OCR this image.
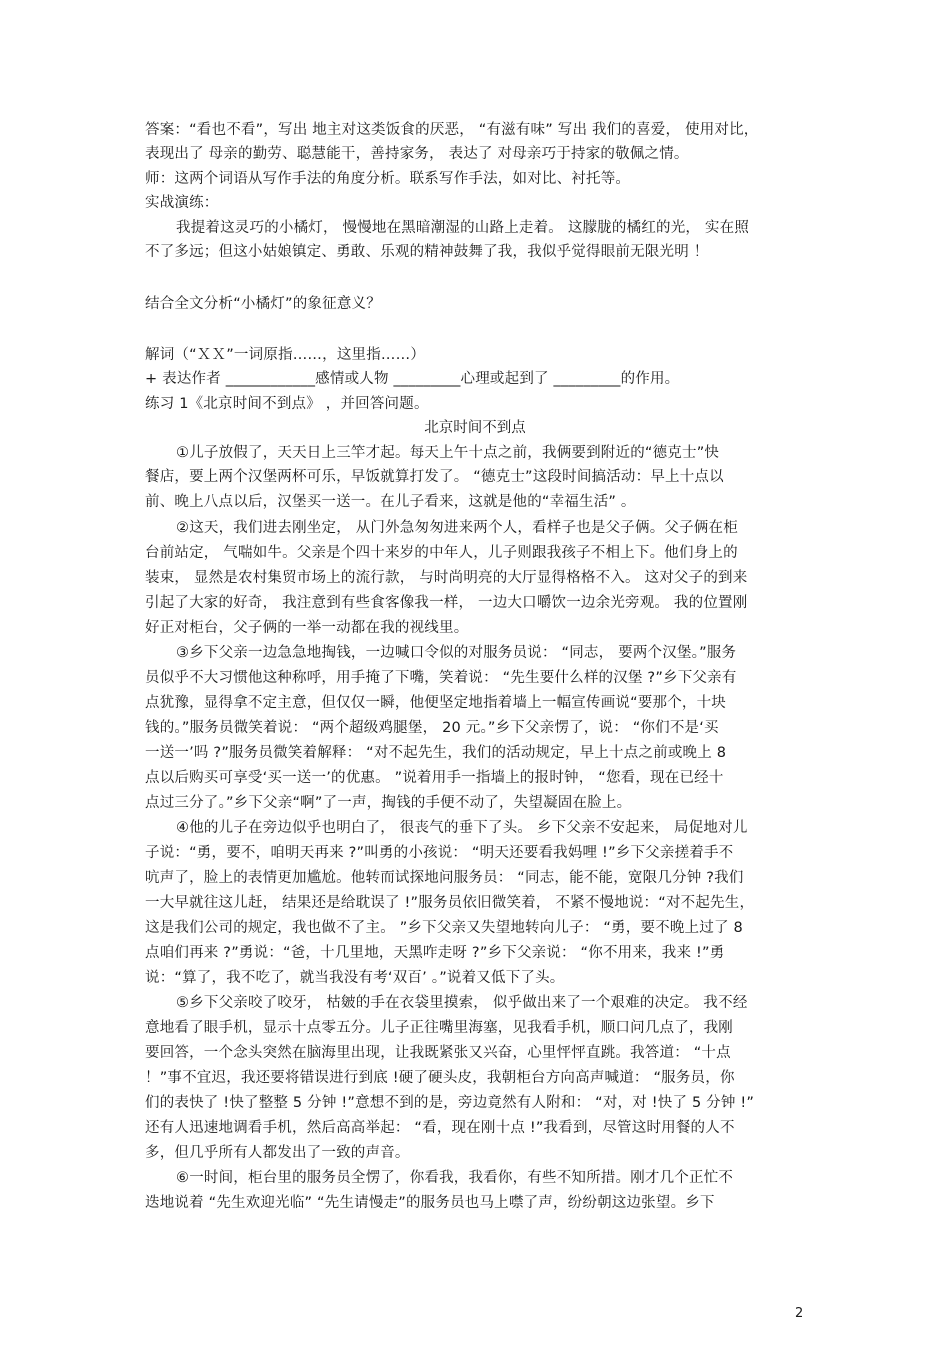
答案：“看也不看”，写出 地主对这类饭食的厌恶， “有滋有味” 写出 我们的喜爱， 使用对比，
表现出了 母亲的勤劳、聪慧能干，善持家务， 表达了 对母亲巧于持家的敬佩之情。
师：这两个词语从写作手法的角度分析。联系写作手法，如对比、衬托等。
实战演练：
我提着这灵巧的小橘灯， 慢慢地在黑暗潮湿的山路上走着。 这朦胧的橘红的光， 实在照
不了多远；但这小姑娘镇定、勇敢、乐观的精神鼓舞了我，我似乎觉得眼前无限光明 ！
结合全文分析“小橘灯”的象征意义？
解词（“ＸＸ”一词原指……，这里指……）
+ 表达作者 ____________感情或人物 _________心理或起到了 _________的作用。
练习 1《北京时间不到点》 ，并回答问题。
北京时间不到点
①儿子放假了，天天日上三竿才起。每天上午十点之前，我俩要到附近的“德克士”快
餐店，要上两个汉堡两杯可乐，早饭就算打发了。 “德克士”这段时间搞活动：早上十点以
前、晚上八点以后，汉堡买一送一。在儿子看来，这就是他的“幸福生活” 。
②这天，我们进去刚坐定， 从门外急匆匆进来两个人，看样子也是父子俩。父子俩在柜
台前站定， 气喘如牛。父亲是个四十来岁的中年人，儿子则跟我孩子不相上下。他们身上的
装束， 显然是农村集贸市场上的流行款， 与时尚明亮的大厅显得格格不入。 这对父子的到来
引起了大家的好奇， 我注意到有些食客像我一样， 一边大口嚼饮一边余光旁观。 我的位置刚
好正对柜台，父子俩的一举一动都在我的视线里。
③乡下父亲一边急急地掏钱，一边喊口令似的对服务员说： “同志， 要两个汉堡。”服务
员似乎不大习惯他这种称呼，用手掩了下嘴，笑着说： “先生要什么样的汉堡 ?”乡下父亲有
点犹豫，显得拿不定主意，但仅仅一瞬，他便坚定地指着墙上一幅宣传画说“要那个，十块
钱的。”服务员微笑着说： “两个超级鸡腿堡， 20 元。”乡下父亲愣了，说： “你们不是‘买
一送一’吗 ?”服务员微笑着解释： “对不起先生，我们的活动规定，早上十点之前或晚上 8
点以后购买可享受‘买一送一’的优惠。 ”说着用手一指墙上的报时钟， “您看，现在已经十
点过三分了。”乡下父亲“啊”了一声，掏钱的手便不动了，失望凝固在脸上。
④他的儿子在旁边似乎也明白了， 很丧气的垂下了头。 乡下父亲不安起来， 局促地对儿
子说：“勇，要不，咱明天再来 ?”叫勇的小孩说： “明天还要看我妈哩 !”乡下父亲搓着手不
吭声了，脸上的表情更加尴尬。他转而试探地问服务员： “同志，能不能，宽限几分钟 ?我们
一大早就往这儿赶， 结果还是给耽误了 !”服务员依旧微笑着， 不紧不慢地说：“对不起先生，
这是我们公司的规定，我也做不了主。 ”乡下父亲又失望地转向儿子： “勇，要不晚上过了 8
点咱们再来 ?”勇说：“爸，十几里地，天黑咋走呀 ?”乡下父亲说： “你不用来，我来 !”勇
说：“算了，我不吃了，就当我没有考‘双百’ 。”说着又低下了头。
⑤乡下父亲咬了咬牙， 枯皴的手在衣袋里摸索， 似乎做出来了一个艰难的决定。 我不经
意地看了眼手机，显示十点零五分。儿子正往嘴里海塞，见我看手机，顺口问几点了，我刚
要回答，一个念头突然在脑海里出现，让我既紧张又兴奋，心里怦怦直跳。我答道： “十点
！”事不宜迟，我还要将错误进行到底 !硬了硬头皮，我朝柜台方向高声喊道： “服务员，你
们的表快了 !快了整整 5 分钟 !”意想不到的是，旁边竟然有人附和： “对，对 !快了 5 分钟 !”
还有人迅速地调看手机，然后高高举起： “看，现在刚十点 !”我看到，尽管这时用餐的人不
多，但几乎所有人都发出了一致的声音。
⑥一时间，柜台里的服务员全愣了，你看我，我看你，有些不知所措。刚才几个正忙不
迭地说着 “先生欢迎光临” “先生请慢走”的服务员也马上噤了声，纷纷朝这边张望。乡下
2
